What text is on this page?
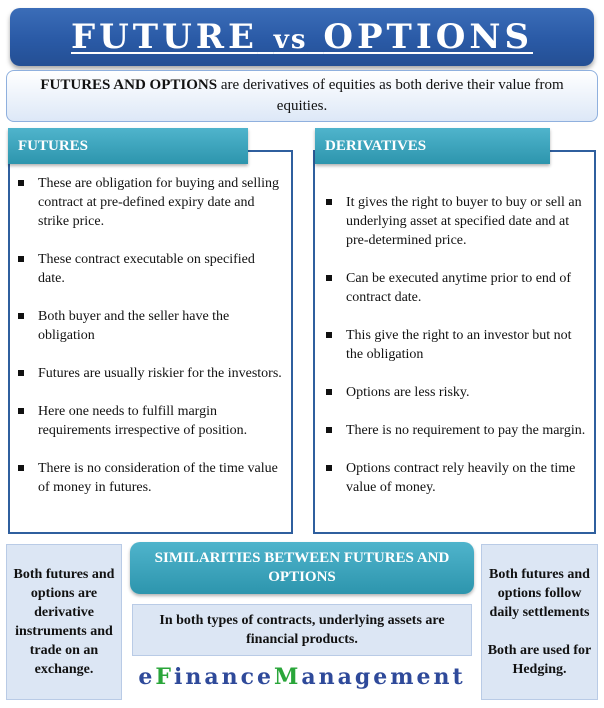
FUTURE vs OPTIONS

FUTURES AND OPTIONS are derivatives of equities as both derive their value from equities.

FUTURES	DERIVATIVES
These are obligation for buying and selling contract at pre-defined expiry date and strike price.
These contract executable on specified date.
Both buyer and the seller have the obligation
Futures are usually riskier for the investors.
Here one needs to fulfill margin requirements irrespective of position.
There is no consideration of the time value of money in futures.
It gives the right to buyer to buy or sell an underlying asset at specified date and at pre-determined price.
Can be executed anytime prior to end of contract date.
This give the right to an investor but not the obligation
Options are less risky.
There is no requirement to pay the margin.
Options contract rely heavily on the time value of money.
Both futures and options are derivative instruments and trade on an exchange.
SIMILARITIES BETWEEN FUTURES AND OPTIONS
In both types of contracts, underlying assets are financial products.
eFinanceManagement
Both futures and options follow daily settlements
Both are used for Hedging.
